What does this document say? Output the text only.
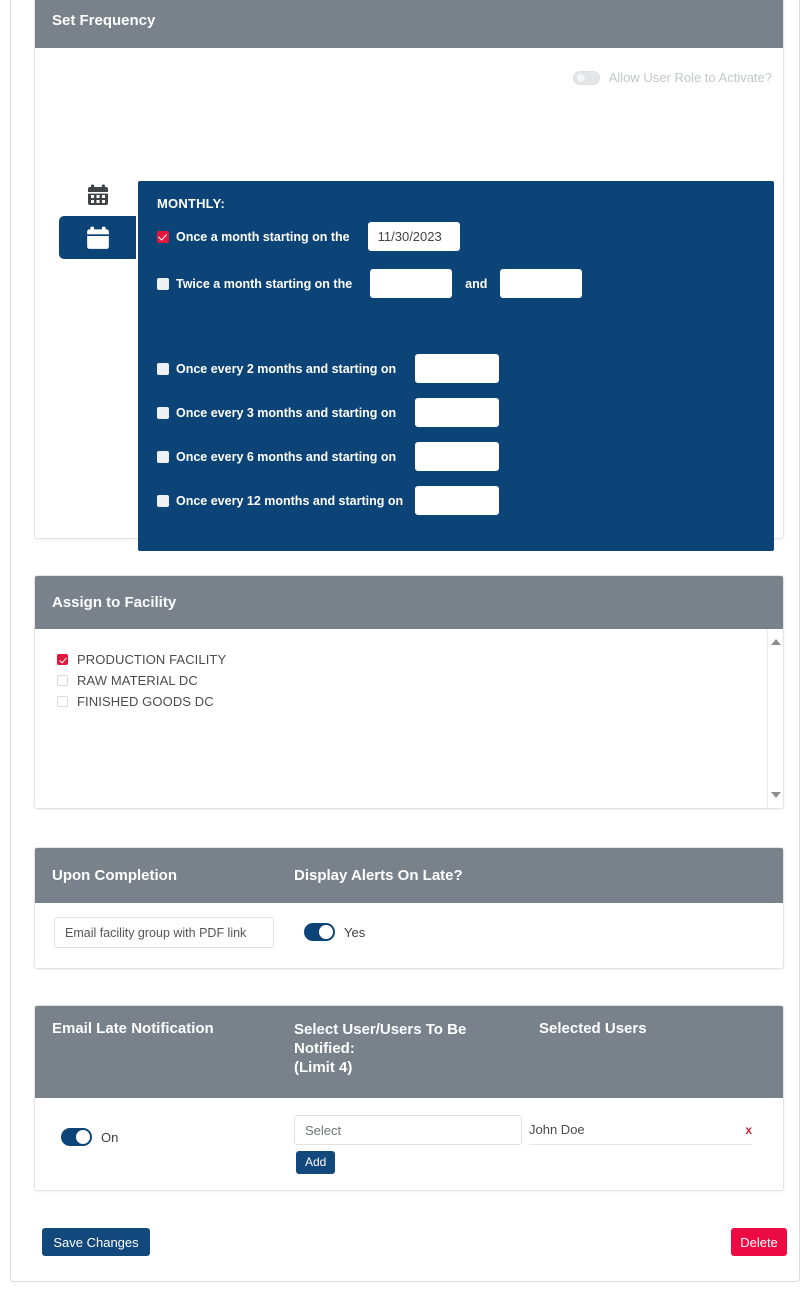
Set Frequency
Allow User Role to Activate?
MONTHLY:
Once a month starting on the	11/30/2023
Twice a month starting on the	and
Once every 2 months and starting on
Once every 3 months and starting on
Once every 6 months and starting on
Once every 12 months and starting on
Assign to Facility
PRODUCTION FACILITY
RAW MATERIAL DC
FINISHED GOODS DC
Upon Completion	Display Alerts On Late?
Email facility group with PDF link	Yes
Email Late Notification	Select User/Users To Be
Notified:
(Limit 4)
Selected Users
On	Select
Add
John Doe	x
Save Changes	Delete
